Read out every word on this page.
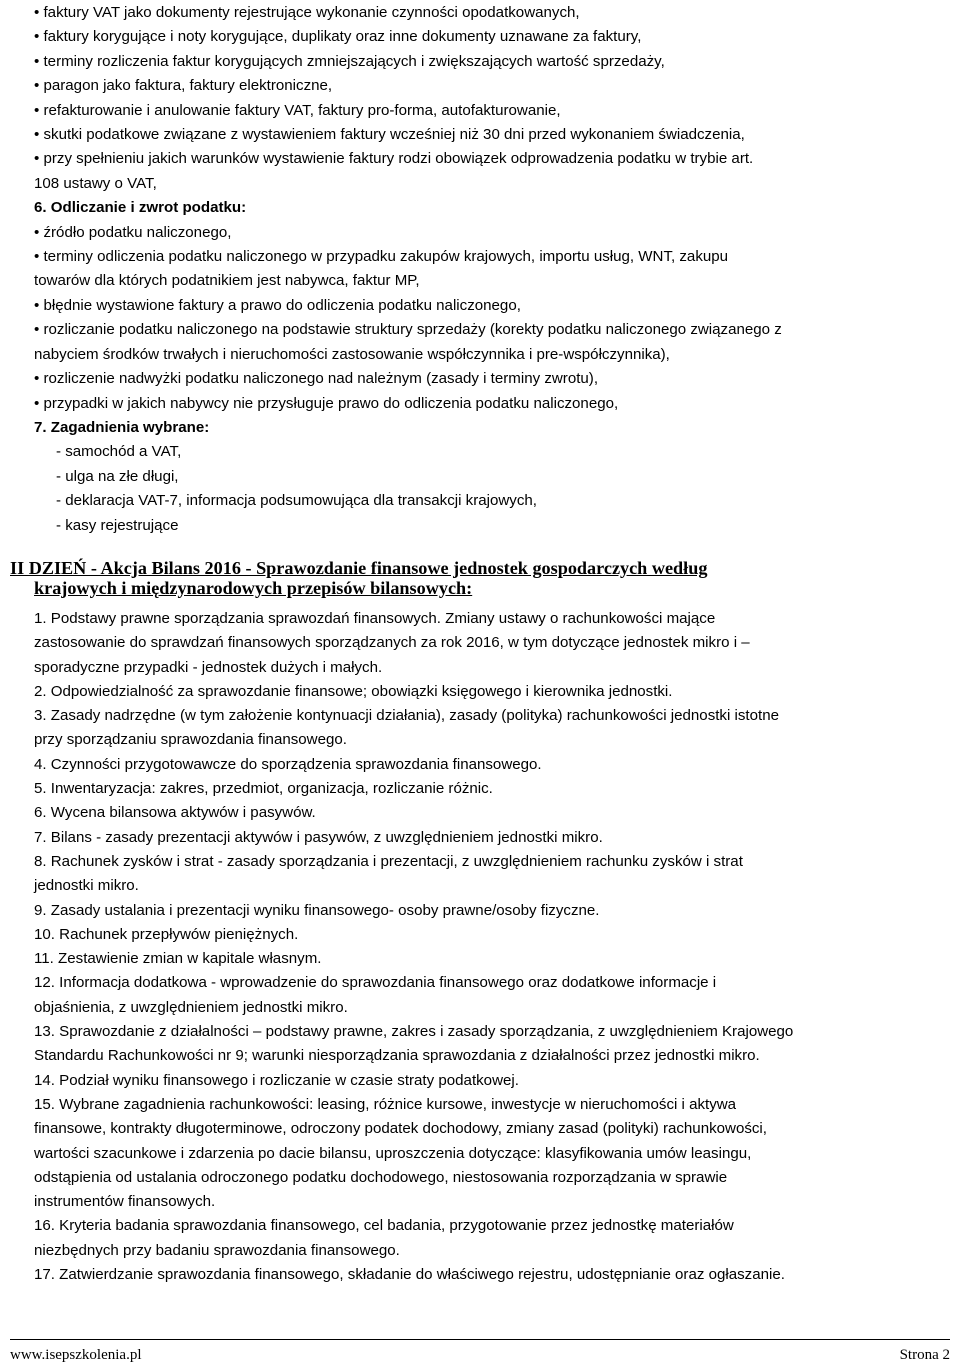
• faktury VAT jako dokumenty rejestrujące wykonanie czynności opodatkowanych,
• faktury korygujące i noty korygujące, duplikaty oraz inne dokumenty uznawane za faktury,
• terminy rozliczenia faktur korygujących zmniejszających i zwiększających wartość sprzedaży,
• paragon jako faktura, faktury elektroniczne,
• refakturowanie i anulowanie faktury VAT, faktury pro-forma, autofakturowanie,
• skutki podatkowe związane z wystawieniem faktury wcześniej niż 30 dni przed wykonaniem świadczenia,
• przy spełnieniu jakich warunków wystawienie faktury rodzi obowiązek odprowadzenia podatku w trybie art.
108 ustawy o VAT,
6. Odliczanie i zwrot podatku:
• źródło podatku naliczonego,
• terminy odliczenia podatku naliczonego w przypadku zakupów krajowych, importu usług, WNT, zakupu
towarów dla których podatnikiem jest nabywca, faktur MP,
• błędnie wystawione faktury a prawo do odliczenia podatku naliczonego,
• rozliczanie podatku naliczonego na podstawie struktury sprzedaży (korekty podatku naliczonego związanego z
nabyciem środków trwałych i nieruchomości zastosowanie współczynnika i pre-współczynnika),
• rozliczenie nadwyżki podatku naliczonego nad należnym (zasady i terminy zwrotu),
• przypadki w jakich nabywcy nie przysługuje prawo do odliczenia podatku naliczonego,
7. Zagadnienia wybrane:
- samochód a VAT,
- ulga na złe długi,
- deklaracja VAT-7, informacja podsumowująca dla transakcji krajowych,
- kasy rejestrujące
II DZIEŃ - Akcja Bilans 2016 - Sprawozdanie finansowe jednostek gospodarczych według
krajowych i międzynarodowych przepisów bilansowych:
1. Podstawy prawne sporządzania sprawozdań finansowych. Zmiany ustawy o rachunkowości mające
zastosowanie do sprawdzań finansowych sporządzanych za rok 2016, w tym dotyczące jednostek mikro i –
sporadyczne przypadki - jednostek dużych i małych.
2. Odpowiedzialność za sprawozdanie finansowe; obowiązki księgowego i kierownika jednostki.
3. Zasady nadrzędne (w tym założenie kontynuacji działania), zasady (polityka) rachunkowości jednostki istotne
przy sporządzaniu sprawozdania finansowego.
4. Czynności przygotowawcze do sporządzenia sprawozdania finansowego.
5. Inwentaryzacja: zakres, przedmiot, organizacja, rozliczanie różnic.
6. Wycena bilansowa aktywów i pasywów.
7. Bilans - zasady prezentacji aktywów i pasywów, z uwzględnieniem jednostki mikro.
8. Rachunek zysków i strat - zasady sporządzania i prezentacji, z uwzględnieniem rachunku zysków i strat
jednostki mikro.
9. Zasady ustalania i prezentacji wyniku finansowego- osoby prawne/osoby fizyczne.
10. Rachunek przepływów pieniężnych.
11. Zestawienie zmian w kapitale własnym.
12. Informacja dodatkowa - wprowadzenie do sprawozdania finansowego oraz dodatkowe informacje i
objaśnienia, z uwzględnieniem jednostki mikro.
13. Sprawozdanie z działalności – podstawy prawne, zakres i zasady sporządzania, z uwzględnieniem Krajowego
Standardu Rachunkowości nr 9; warunki niesporządzania sprawozdania z działalności przez jednostki mikro.
14. Podział wyniku finansowego i rozliczanie w czasie straty podatkowej.
15. Wybrane zagadnienia rachunkowości: leasing, różnice kursowe, inwestycje w nieruchomości i aktywa
finansowe, kontrakty długoterminowe, odroczony podatek dochodowy, zmiany zasad (polityki) rachunkowości,
wartości szacunkowe i zdarzenia po dacie bilansu, uproszczenia dotyczące: klasyfikowania umów leasingu,
odstąpienia od ustalania odroczonego podatku dochodowego, niestosowania rozporządzania w sprawie
instrumentów finansowych.
16. Kryteria badania sprawozdania finansowego, cel badania, przygotowanie przez jednostkę materiałów
niezbędnych przy badaniu sprawozdania finansowego.
17. Zatwierdzanie sprawozdania finansowego, składanie do właściwego rejestru, udostępnianie oraz ogłaszanie.
www.isepszkolenia.pl	Strona 2
